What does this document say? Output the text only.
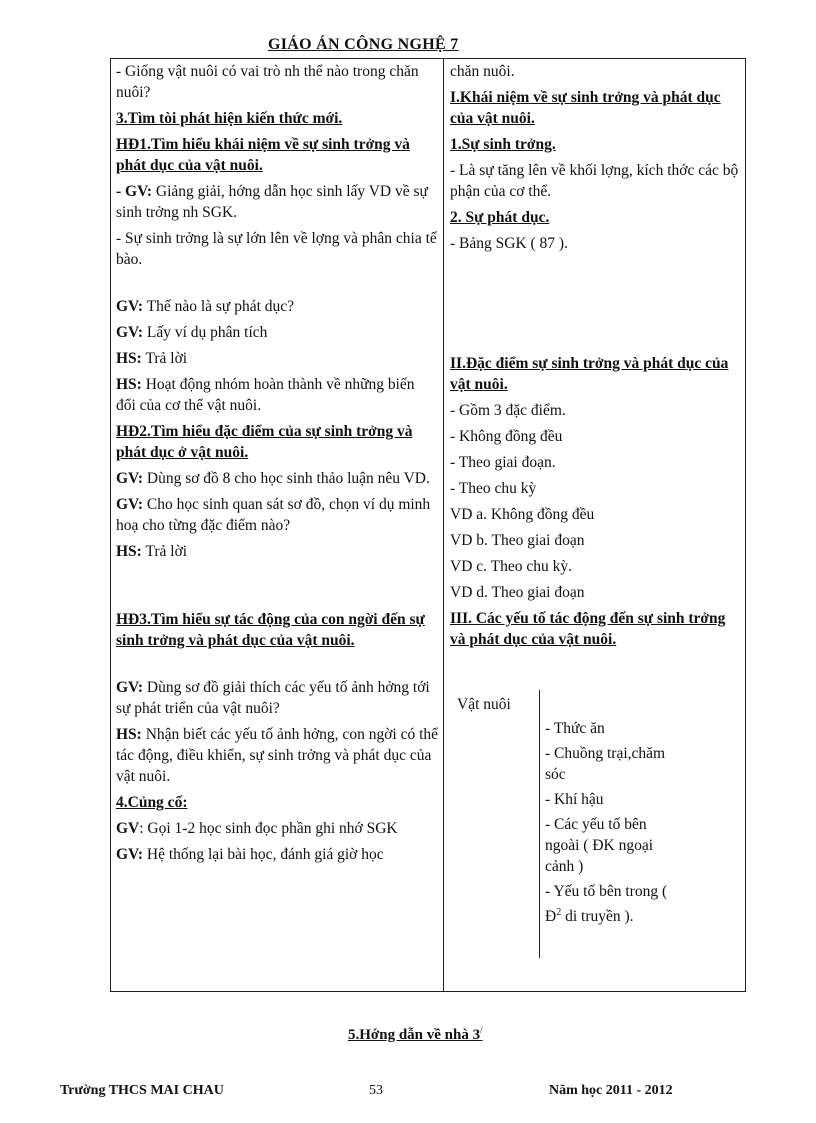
GIÁO ÁN CÔNG NGHỆ 7

- Giống vật nuôi có vai trò nh thể nào trong chăn nuôi?

3.Tìm tòi phát hiện kiến thức mới.

HĐ1.Tìm hiểu khái niệm về sự sinh trởng và phát dục của vật nuôi.

- GV: Giảng giải, hớng dẫn học sinh lấy VD về sự sinh trởng nh SGK.

- Sự sinh trởng là sự lớn lên về lợng và phân chia tế bào.

GV: Thế nào là sự phát dục?

GV: Lấy ví dụ phân tích

HS: Trả lời

HS: Hoạt động nhóm hoàn thành về những biến đổi của cơ thể vật nuôi.

HĐ2.Tìm hiểu đặc điểm của sự sinh trởng và phát dục ở vật nuôi.

GV: Dùng sơ đồ 8 cho học sinh thảo luận nêu VD.

GV: Cho học sinh quan sát sơ đồ, chọn ví dụ minh hoạ cho từng đặc điểm nào?

HS: Trả lời

HĐ3.Tìm hiểu sự tác động của con ngời đến sự sinh trởng và phát dục của vật nuôi.

GV: Dùng sơ đồ giải thích các yếu tố ảnh hởng tới sự phát triển của vật nuôi?

HS: Nhận biết các yếu tố ảnh hởng, con ngời có thể tác động, điều khiển, sự sinh trởng và phát dục của vật nuôi.

4.Củng cố:

GV: Gọi 1-2 học sinh đọc phần ghi nhớ SGK

GV: Hệ thống lại bài học, đánh giá giờ học

chăn nuôi.

I.Khái niệm về sự sinh trởng và phát dục của vật nuôi.

1.Sự sinh trởng.

- Là sự tăng lên về khối lợng, kích thớc các bộ phận của cơ thể.

2. Sự phát dục.

- Bảng SGK ( 87 ).

II.Đặc điểm sự sinh trởng và phát dục của vật nuôi.

- Gồm 3 đặc điểm.

- Không đồng đều

- Theo giai đoạn.

- Theo chu kỳ

VD a. Không đồng đều

VD b. Theo giai đoạn

VD c. Theo chu kỳ.

VD d. Theo giai đoạn

III. Các yếu tố tác động đến sự sinh trởng và phát dục của vật nuôi.

Vật nuôi

- Thức ăn

- Chuồng trại,chăm sóc

- Khí hậu

- Các yếu tố bên ngoài ( ĐK ngoại cảnh )

- Yếu tố bên trong ( $Đ^2$ di truyền ).

5.Hớng dẫn về nhà 3/
Trường THCS MAI CHAU	53	Năm học 2011 - 2012
